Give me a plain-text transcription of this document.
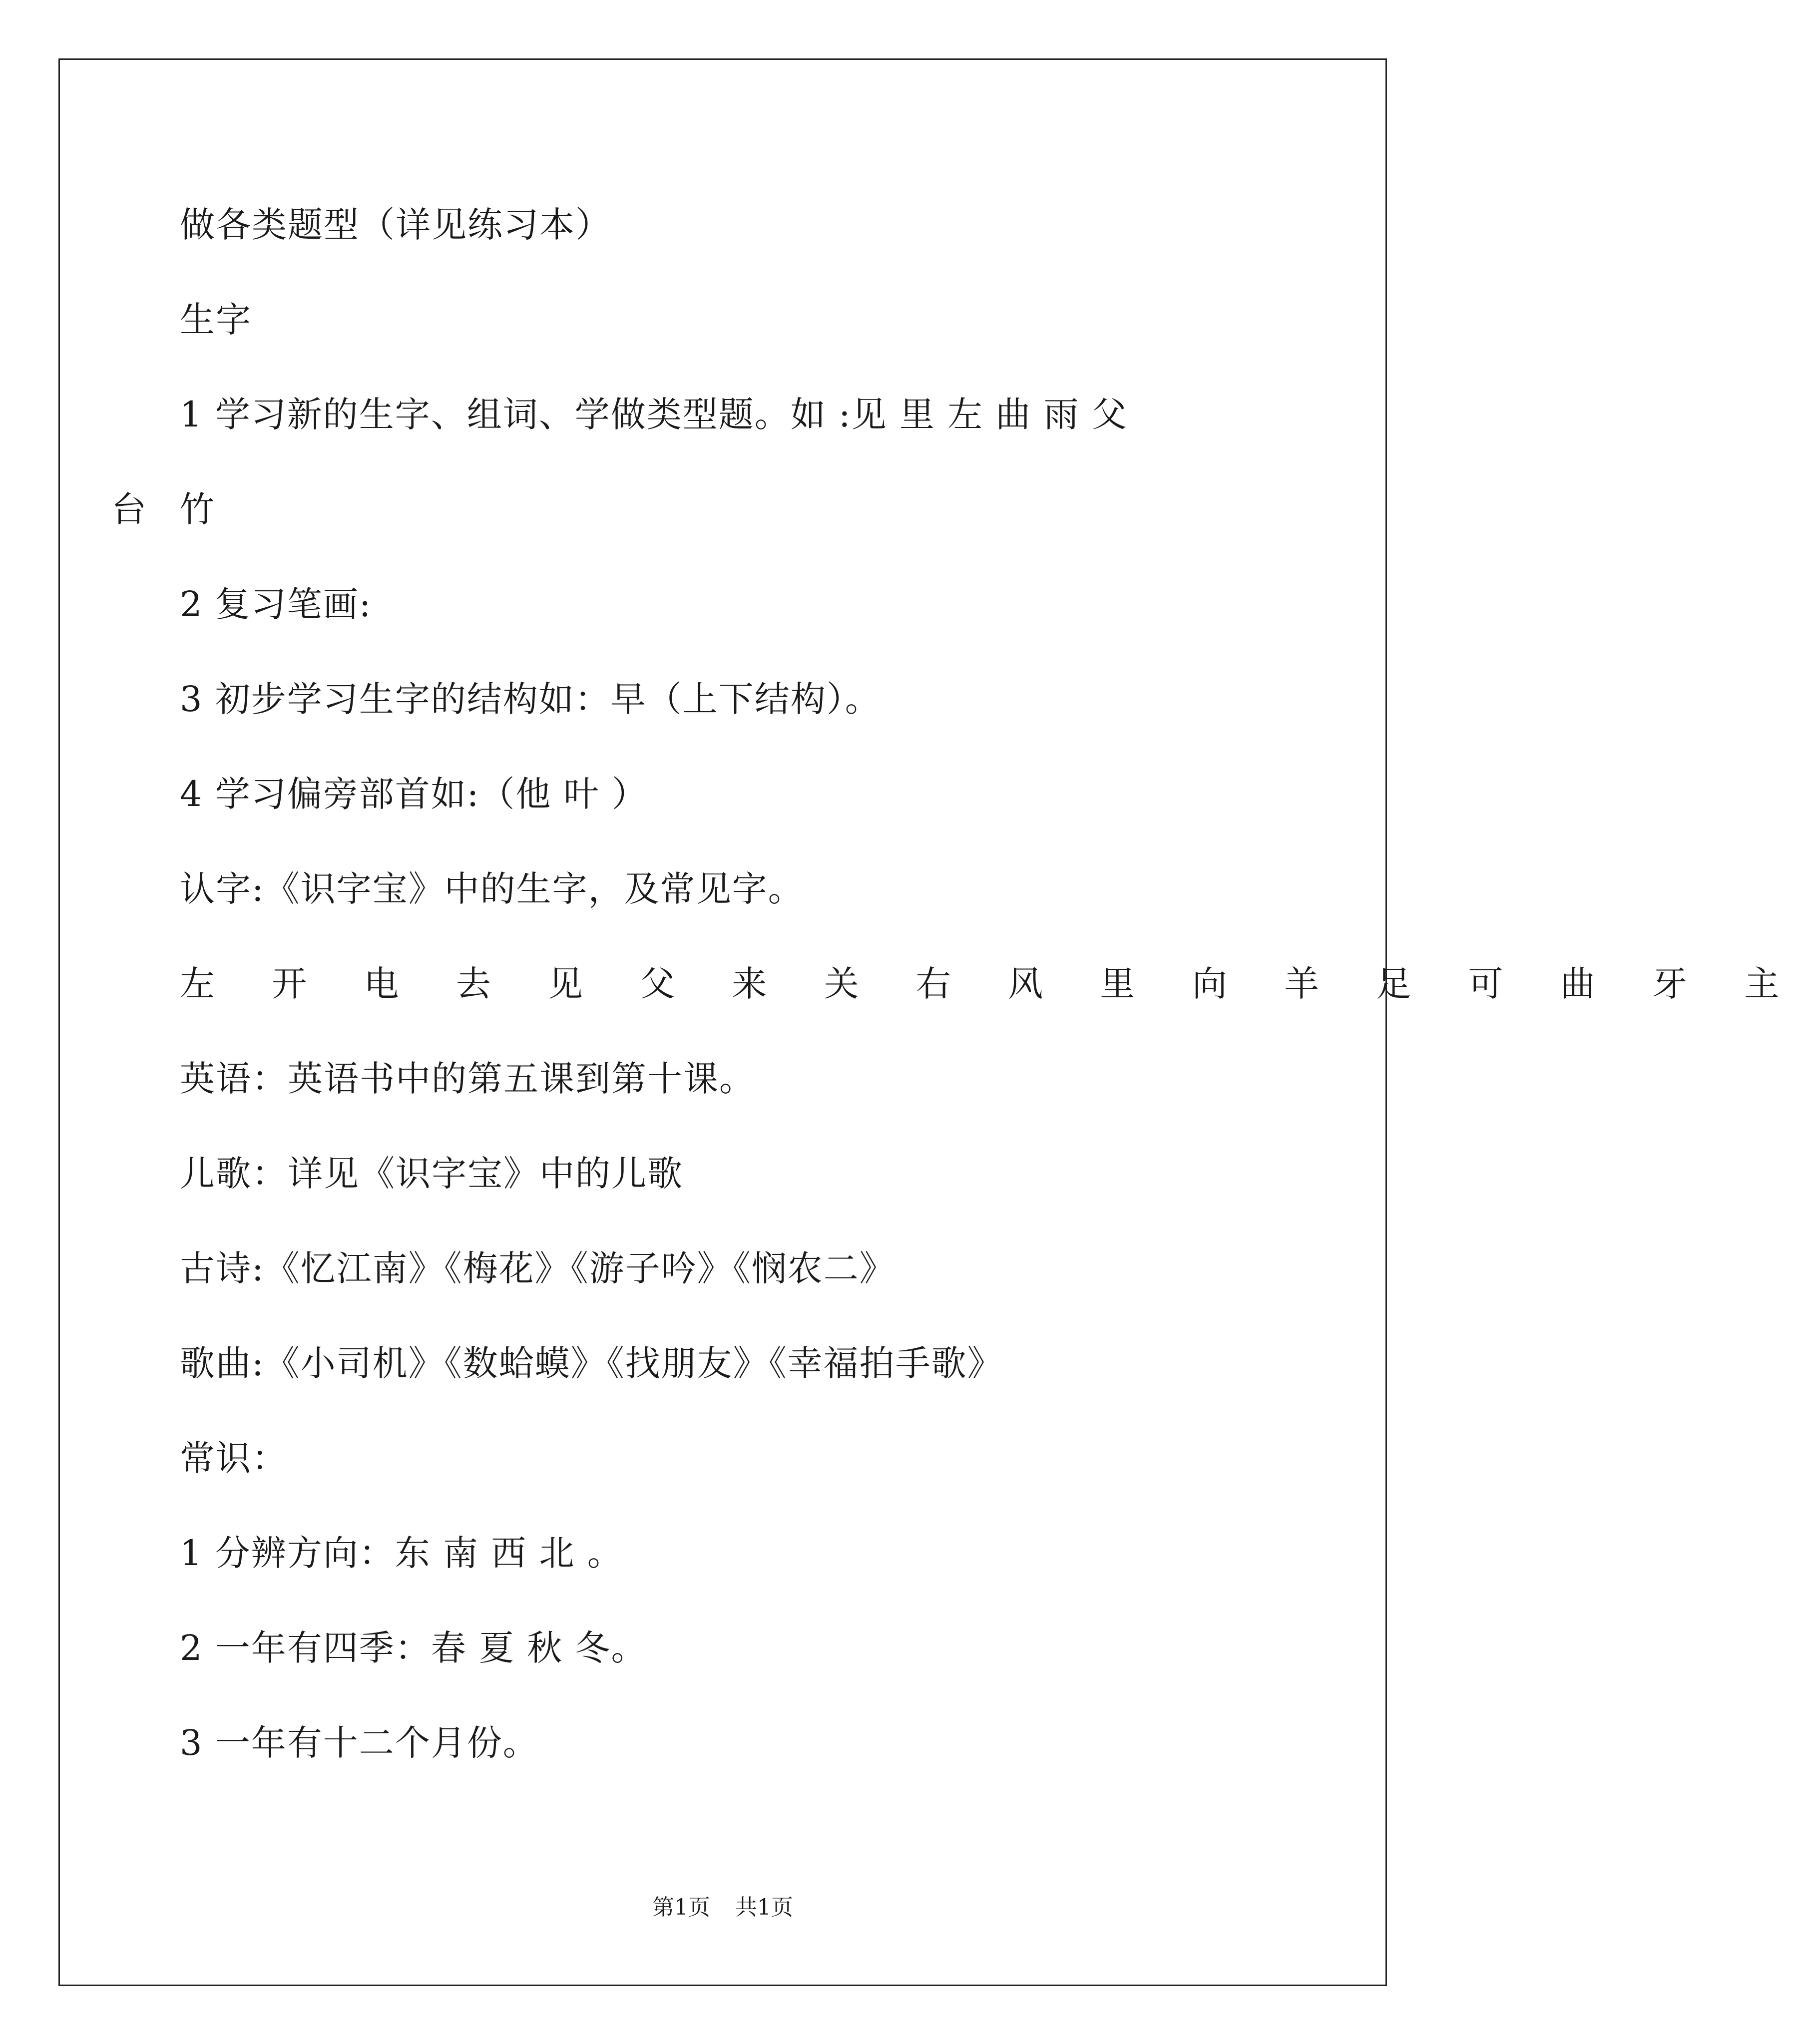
做各类题型（详见练习本）
生字
1 学习新的生字、组词、学做类型题。如 :见 里 左 曲 雨 父
台 竹
2 复习笔画:
3 初步学习生字的结构如：早（上下结构）。
4 学习偏旁部首如:（他 叶 ）
认字:《识字宝》中的生字，及常见字。
左 开 电 去 见 父 来 关 右 风 里 向 羊 足 可 曲 牙 主
英语：英语书中的第五课到第十课。
儿歌：详见《识字宝》中的儿歌
古诗:《忆江南》《梅花》《游子吟》《悯农二》
歌曲:《小司机》《数蛤蟆》《找朋友》《幸福拍手歌》
常识：
1 分辨方向：东 南 西 北 。
2 一年有四季：春 夏 秋 冬。
3 一年有十二个月份。
第1页 共1页
